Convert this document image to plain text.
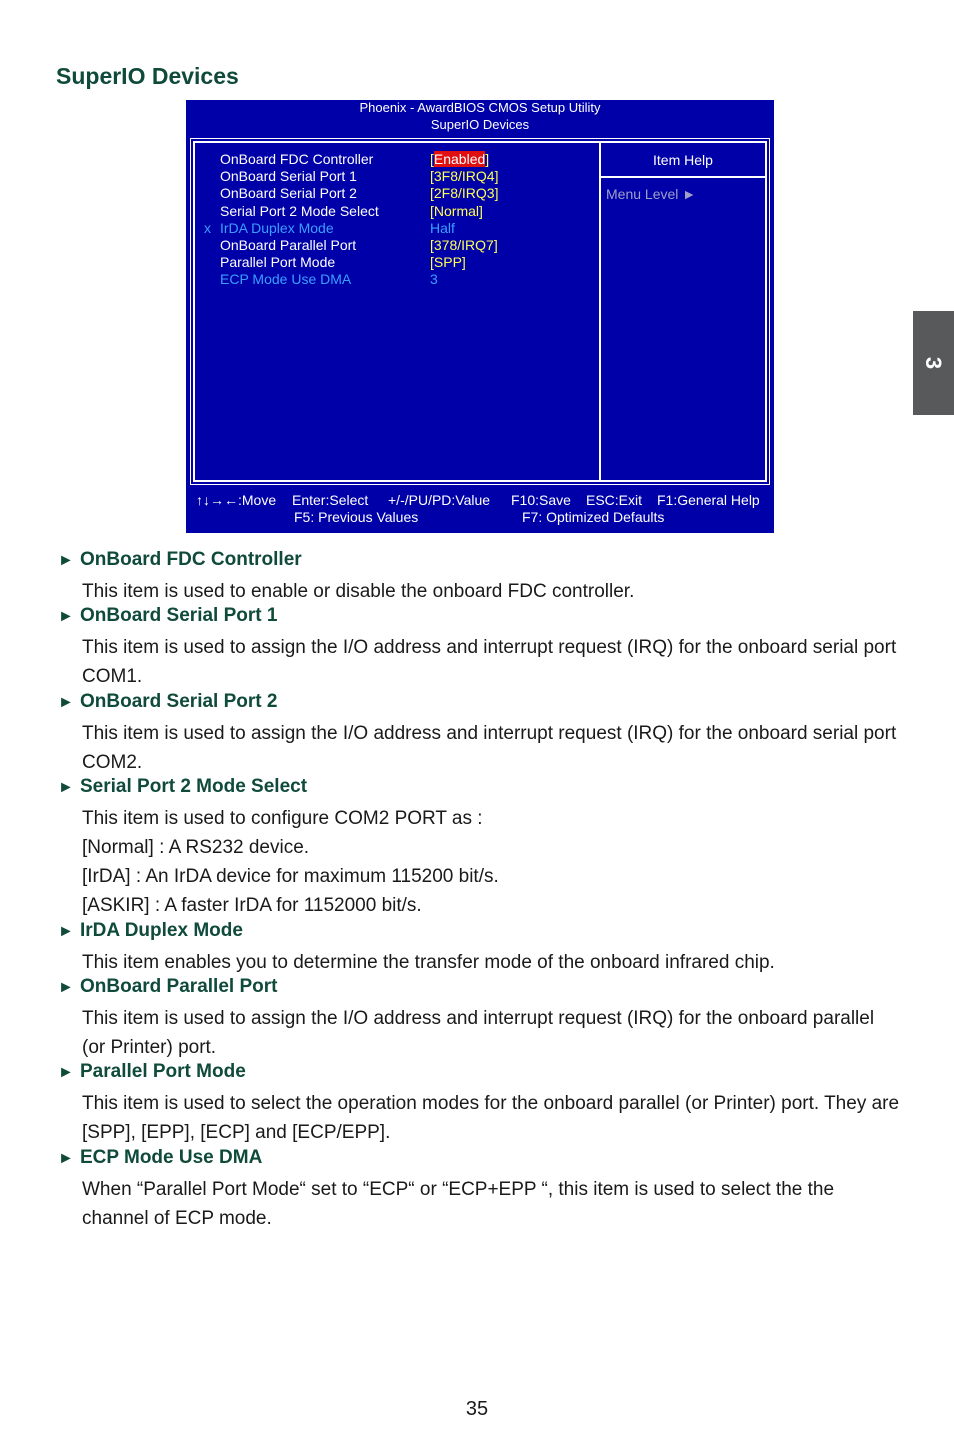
SuperIO Devices
3
Phoenix - AwardBIOS CMOS Setup Utility
SuperIO Devices
OnBoard FDC Controller	[Enabled]
OnBoard Serial Port 1	[3F8/IRQ4]
OnBoard Serial Port 2	[2F8/IRQ3]
Serial Port 2 Mode Select	[Normal]
x IrDA Duplex Mode	Half
OnBoard Parallel Port	[378/IRQ7]
Parallel Port Mode	[SPP]
ECP Mode Use DMA	3
Item Help
Menu Level ►
↑↓→←:Move Enter:Select +/-/PU/PD:Value F10:Save ESC:Exit F1:General Help
F5: Previous Values	F7: Optimized Defaults
► OnBoard FDC Controller

This item is used to enable or disable the onboard FDC controller.

► OnBoard Serial Port 1

This item is used to assign the I/O address and interrupt request (IRQ) for the onboard serial port COM1.

► OnBoard Serial Port 2

This item is used to assign the I/O address and interrupt request (IRQ) for the onboard serial port COM2.

► Serial Port 2 Mode Select

This item is used to configure COM2 PORT as :

[Normal] : A RS232 device.

[IrDA] : An IrDA device for maximum 115200 bit/s.

[ASKIR] : A faster IrDA for 1152000 bit/s.

► IrDA Duplex Mode

This item enables you to determine the transfer mode of the onboard infrared chip.

► OnBoard Parallel Port

This item is used to assign the I/O address and interrupt request (IRQ) for the onboard parallel (or Printer) port.

► Parallel Port Mode

This item is used to select the operation modes for the onboard parallel (or Printer) port. They are [SPP], [EPP], [ECP] and [ECP/EPP].

► ECP Mode Use DMA

When “Parallel Port Mode“ set to “ECP“ or “ECP+EPP “, this item is used to select the the channel of ECP mode.

35
